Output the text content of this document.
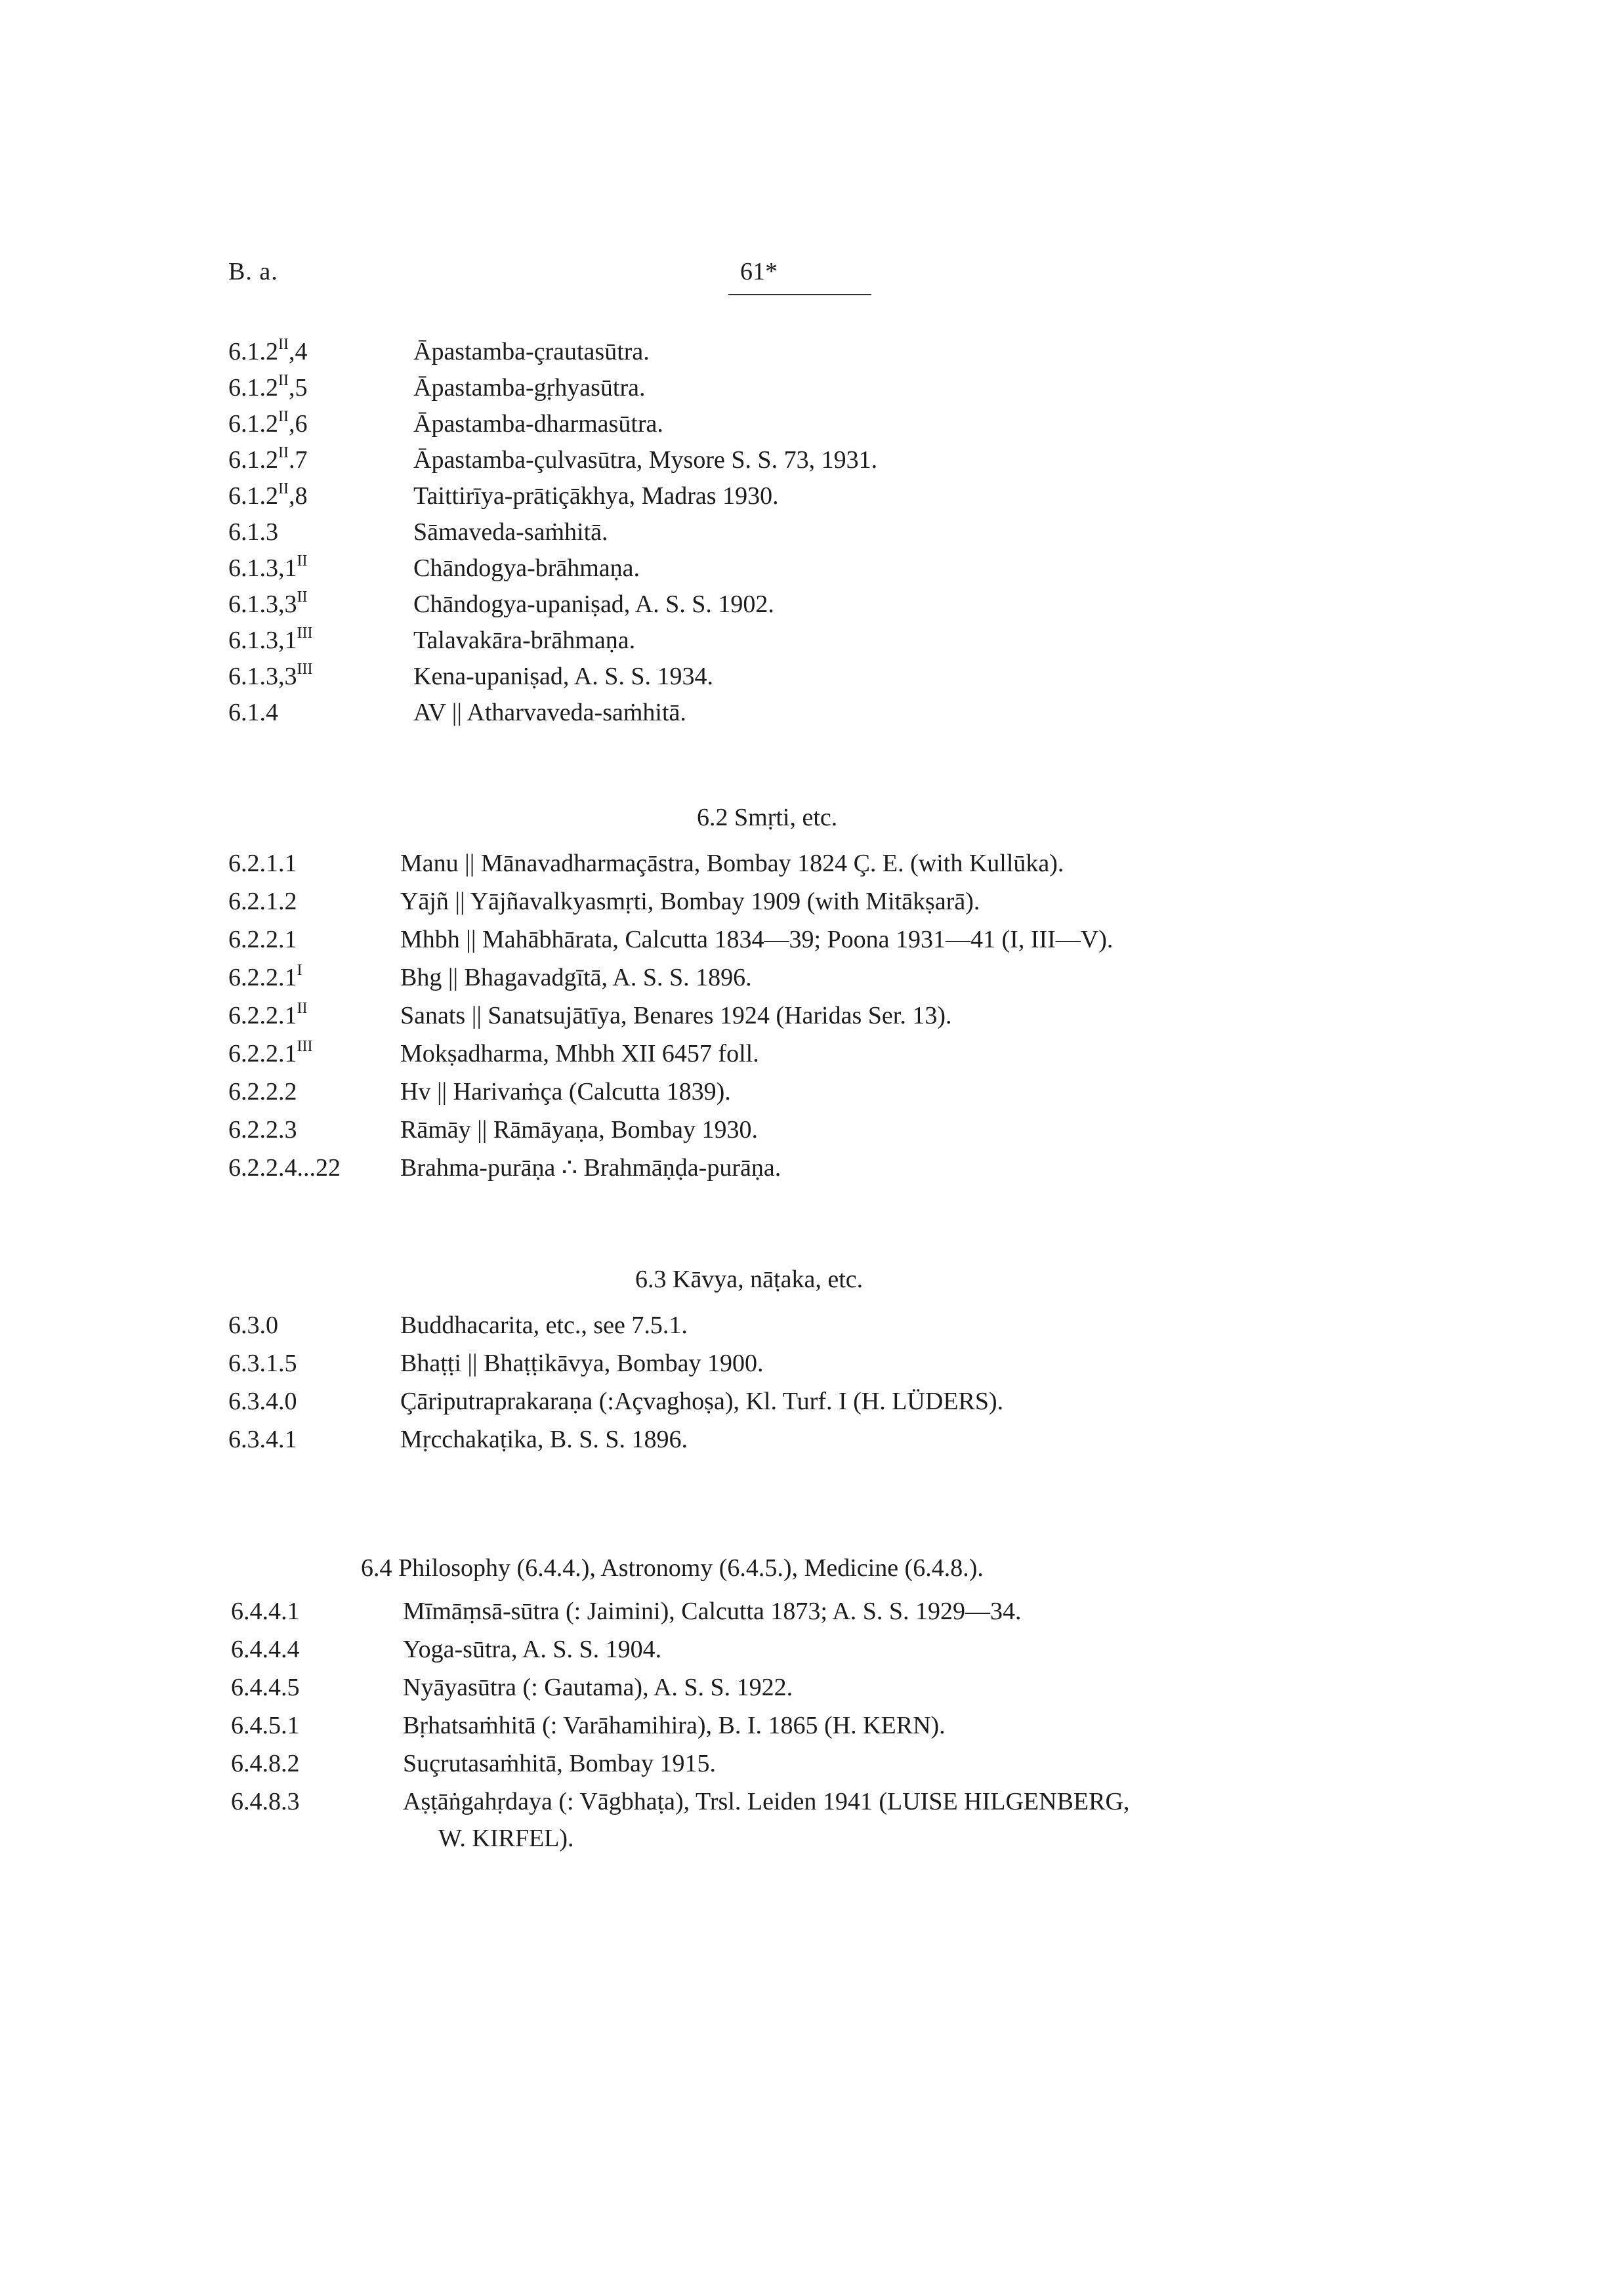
B. a.	61*
$6.1.2^{II},4$	Āpastamba-çrautasūtra.
$6.1.2^{II},5$	Āpastamba-gṛhyasūtra.
$6.1.2^{II},6$	Āpastamba-dharmasūtra.
$6.1.2^{II}.7$	Āpastamba-çulvasūtra, Mysore S. S. 73, 1931.
$6.1.2^{II},8$	Taittirīya-prātiçākhya, Madras 1930.
6.1.3	Sāmaveda-saṁhitā.
$6.1.3,1^{II}$	Chāndogya-brāhmaṇa.
$6.1.3,3^{II}$	Chāndogya-upaniṣad, A. S. S. 1902.
$6.1.3,1^{III}$	Talavakāra-brāhmaṇa.
$6.1.3,3^{III}$	Kena-upaniṣad, A. S. S. 1934.
6.1.4	AV || Atharvaveda-saṁhitā.
6.2 Smṛti, etc.
6.2.1.1	Manu || Mānavadharmaçāstra, Bombay 1824 Ç. E. (with Kullūka).
6.2.1.2	Yājñ || Yājñavalkyasmṛti, Bombay 1909 (with Mitākṣarā).
6.2.2.1	Mhbh || Mahābhārata, Calcutta 1834—39; Poona 1931—41 (I, III—V).
$6.2.2.1^I$	Bhg || Bhagavadgītā, A. S. S. 1896.
$6.2.2.1^{II}$	Sanats || Sanatsujātīya, Benares 1924 (Haridas Ser. 13).
$6.2.2.1^{III}$	Mokṣadharma, Mhbh XII 6457 foll.
6.2.2.2	Hv || Harivaṁça (Calcutta 1839).
6.2.2.3	Rāmāy || Rāmāyaṇa, Bombay 1930.
6.2.2.4...22 Brahma-purāṇa ∴ Brahmāṇḍa-purāṇa.
6.3 Kāvya, nāṭaka, etc.
6.3.0	Buddhacarita, etc., see 7.5.1.
6.3.1.5	Bhaṭṭi || Bhaṭṭikāvya, Bombay 1900.
6.3.4.0	Çāriputraprakaraṇa (:Açvaghoṣa), Kl. Turf. I (H. LÜDERS).
6.3.4.1	Mṛcchakaṭika, B. S. S. 1896.
6.4 Philosophy (6.4.4.), Astronomy (6.4.5.), Medicine (6.4.8.).
6.4.4.1	Mīmāṃsā-sūtra (: Jaimini), Calcutta 1873; A. S. S. 1929—34.
6.4.4.4	Yoga-sūtra, A. S. S. 1904.
6.4.4.5	Nyāyasūtra (: Gautama), A. S. S. 1922.
6.4.5.1	Bṛhatsaṁhitā (: Varāhamihira), B. I. 1865 (H. KERN).
6.4.8.2	Suçrutasaṁhitā, Bombay 1915.
6.4.8.3	Aṣṭāṅgahṛdaya (: Vāgbhaṭa), Trsl. Leiden 1941 (LUISE HILGENBERG,
W. KIRFEL).
